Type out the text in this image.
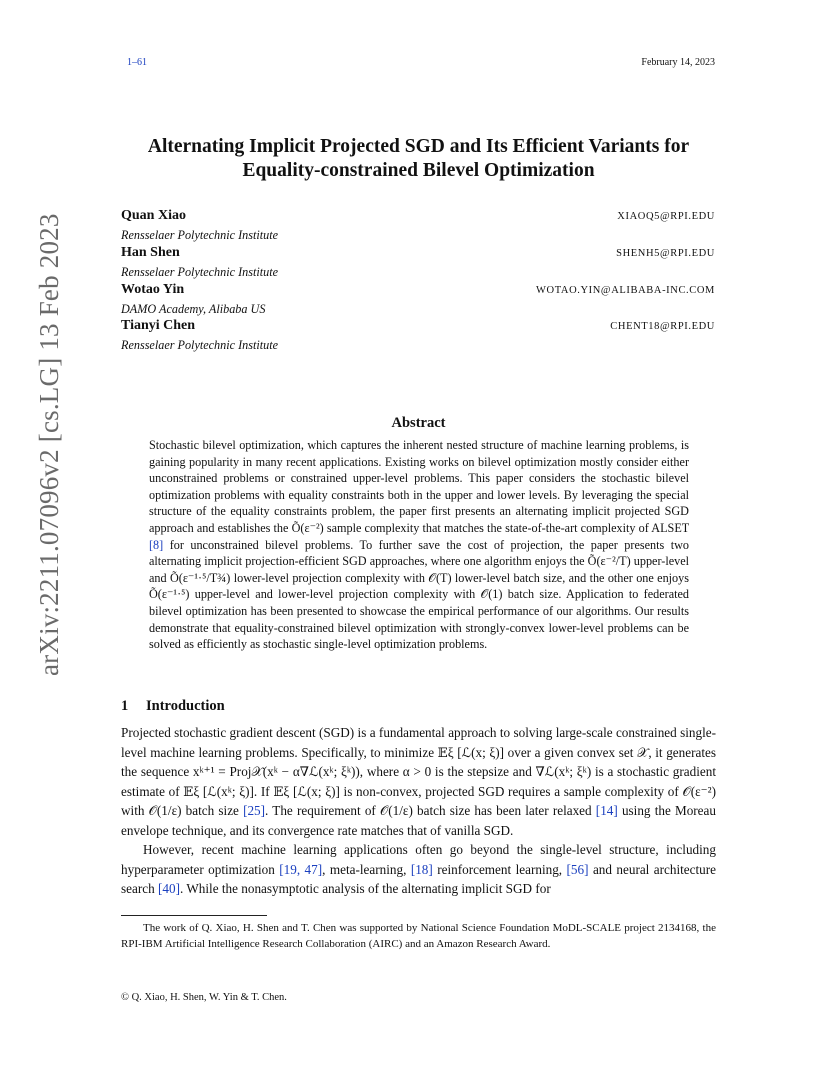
1–61	February 14, 2023
arXiv:2211.07096v2 [cs.LG] 13 Feb 2023
Alternating Implicit Projected SGD and Its Efficient Variants for
Equality-constrained Bilevel Optimization
Quan Xiao
Rensselaer Polytechnic Institute
XIAOQ5@RPI.EDU
Han Shen
Rensselaer Polytechnic Institute
SHENH5@RPI.EDU
Wotao Yin
DAMO Academy, Alibaba US
WOTAO.YIN@ALIBABA-INC.COM
Tianyi Chen
Rensselaer Polytechnic Institute
CHENT18@RPI.EDU
Abstract
Stochastic bilevel optimization, which captures the inherent nested structure of machine learning problems, is gaining popularity in many recent applications. Existing works on bilevel optimization mostly consider either unconstrained problems or constrained upper-level problems. This paper considers the stochastic bilevel optimization problems with equality constraints both in the upper and lower levels. By leveraging the special structure of the equality constraints problem, the paper first presents an alternating implicit projected SGD approach and establishes the Õ(ε⁻²) sample complexity that matches the state-of-the-art complexity of ALSET [8] for unconstrained bilevel problems. To further save the cost of projection, the paper presents two alternating implicit projection-efficient SGD approaches, where one algorithm enjoys the Õ(ε⁻²/T) upper-level and Õ(ε⁻¹·⁵/T¾) lower-level projection complexity with 𝒪(T) lower-level batch size, and the other one enjoys Õ(ε⁻¹·⁵) upper-level and lower-level projection complexity with 𝒪(1) batch size. Application to federated bilevel optimization has been presented to showcase the empirical performance of our algorithms. Our results demonstrate that equality-constrained bilevel optimization with strongly-convex lower-level problems can be solved as efficiently as stochastic single-level optimization problems.
1 Introduction

Projected stochastic gradient descent (SGD) is a fundamental approach to solving large-scale constrained single-level machine learning problems. Specifically, to minimize 𝔼ξ [ℒ(x; ξ)] over a given convex set 𝒳, it generates the sequence xᵏ⁺¹ = Proj𝒳(xᵏ − α∇ℒ(xᵏ; ξᵏ)), where α > 0 is the stepsize and ∇ℒ(xᵏ; ξᵏ) is a stochastic gradient estimate of 𝔼ξ [ℒ(xᵏ; ξ)]. If 𝔼ξ [ℒ(x; ξ)] is non-convex, projected SGD requires a sample complexity of 𝒪(ε⁻²) with 𝒪(1/ε) batch size [25]. The requirement of 𝒪(1/ε) batch size has been later relaxed [14] using the Moreau envelope technique, and its convergence rate matches that of vanilla SGD.

However, recent machine learning applications often go beyond the single-level structure, including hyperparameter optimization [19, 47], meta-learning, [18] reinforcement learning, [56] and neural architecture search [40]. While the nonasymptotic analysis of the alternating implicit SGD for

The work of Q. Xiao, H. Shen and T. Chen was supported by National Science Foundation MoDL-SCALE project 2134168, the RPI-IBM Artificial Intelligence Research Collaboration (AIRC) and an Amazon Research Award.
© Q. Xiao, H. Shen, W. Yin & T. Chen.
